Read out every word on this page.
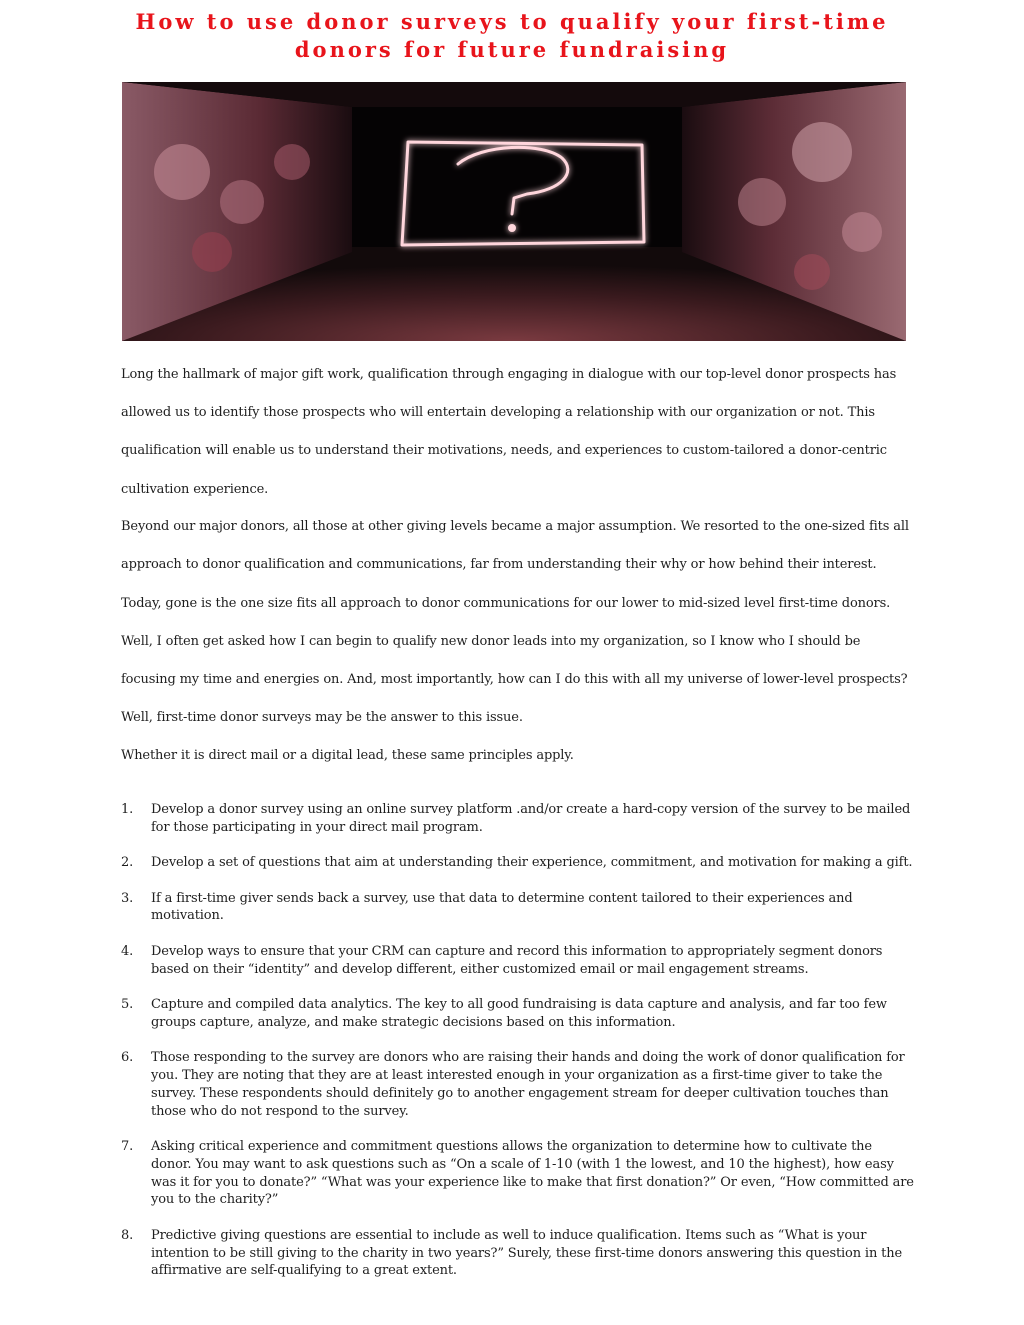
How to use donor surveys to qualify your first-time donors for future fundraising

Long the hallmark of major gift work, qualification through engaging in dialogue with our top-level donor prospects has allowed us to identify those prospects who will entertain developing a relationship with our organization or not. This qualification will enable us to understand their motivations, needs, and experiences to custom-tailored a donor-centric cultivation experience.

Beyond our major donors, all those at other giving levels became a major assumption. We resorted to the one-sized fits all approach to donor qualification and communications, far from understanding their why or how behind their interest.

Today, gone is the one size fits all approach to donor communications for our lower to mid-sized level first-time donors.

Well, I often get asked how I can begin to qualify new donor leads into my organization, so I know who I should be focusing my time and energies on. And, most importantly, how can I do this with all my universe of lower-level prospects?

Well, first-time donor surveys may be the answer to this issue.

Whether it is direct mail or a digital lead, these same principles apply.

1. Develop a donor survey using an online survey platform .and/or create a hard-copy version of the survey to be mailed for those participating in your direct mail program.
2. Develop a set of questions that aim at understanding their experience, commitment, and motivation for making a gift.
3. If a first-time giver sends back a survey, use that data to determine content tailored to their experiences and motivation.
4. Develop ways to ensure that your CRM can capture and record this information to appropriately segment donors based on their “identity” and develop different, either customized email or mail engagement streams.
5. Capture and compiled data analytics. The key to all good fundraising is data capture and analysis, and far too few groups capture, analyze, and make strategic decisions based on this information.
6. Those responding to the survey are donors who are raising their hands and doing the work of donor qualification for you. They are noting that they are at least interested enough in your organization as a first-time giver to take the survey. These respondents should definitely go to another engagement stream for deeper cultivation touches than those who do not respond to the survey.
7. Asking critical experience and commitment questions allows the organization to determine how to cultivate the donor. You may want to ask questions such as “On a scale of 1-10 (with 1 the lowest, and 10 the highest), how easy was it for you to donate?” “What was your experience like to make that first donation?” Or even, “How committed are you to the charity?”
8. Predictive giving questions are essential to include as well to induce qualification. Items such as “What is your intention to be still giving to the charity in two years?” Surely, these first-time donors answering this question in the affirmative are self-qualifying to a great extent.
